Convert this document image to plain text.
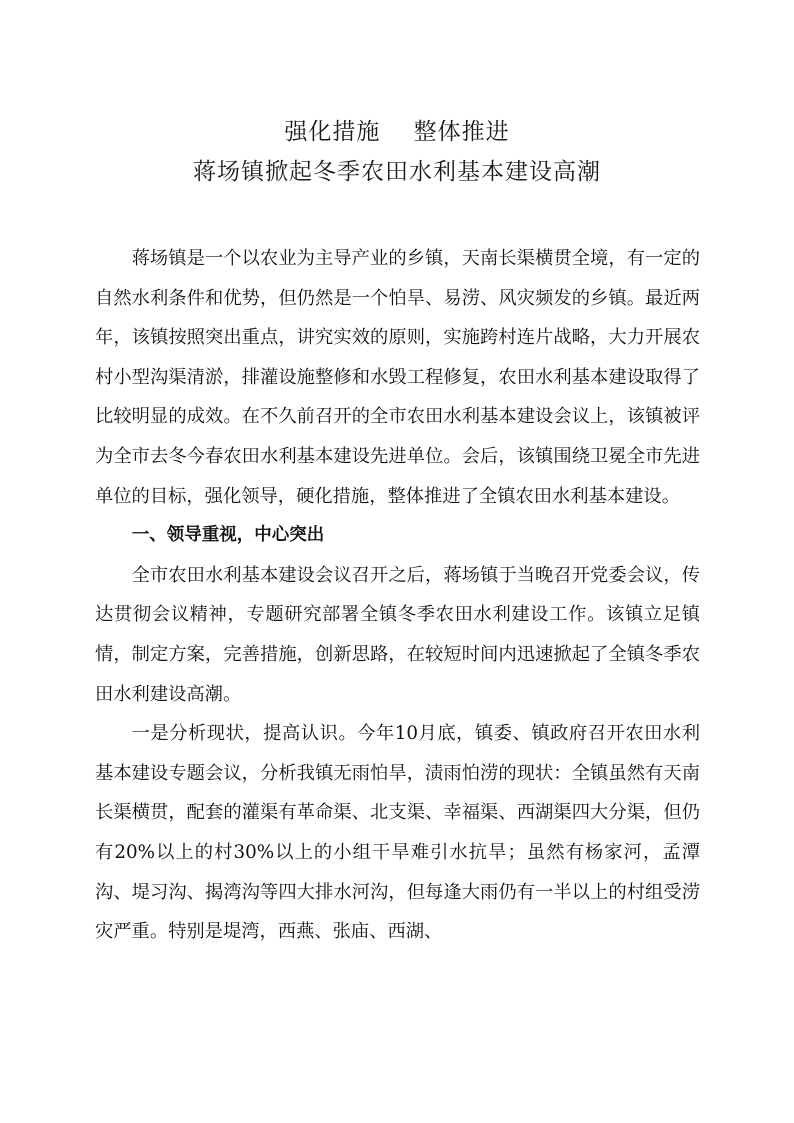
强化措施    整体推进
蒋场镇掀起冬季农田水利基本建设高潮

蒋场镇是一个以农业为主导产业的乡镇，天南长渠横贯全境，有一定的自然水利条件和优势，但仍然是一个怕旱、易涝、风灾频发的乡镇。最近两年，该镇按照突出重点，讲究实效的原则，实施跨村连片战略，大力开展农村小型沟渠清淤，排灌设施整修和水毁工程修复，农田水利基本建设取得了比较明显的成效。在不久前召开的全市农田水利基本建设会议上，该镇被评为全市去冬今春农田水利基本建设先进单位。会后，该镇围绕卫冕全市先进单位的目标，强化领导，硬化措施，整体推进了全镇农田水利基本建设。

一、领导重视，中心突出

全市农田水利基本建设会议召开之后，蒋场镇于当晚召开党委会议，传达贯彻会议精神，专题研究部署全镇冬季农田水利建设工作。该镇立足镇情，制定方案，完善措施，创新思路，在较短时间内迅速掀起了全镇冬季农田水利建设高潮。

一是分析现状，提高认识。今年10月底，镇委、镇政府召开农田水利基本建设专题会议，分析我镇无雨怕旱，渍雨怕涝的现状：全镇虽然有天南长渠横贯，配套的灌渠有革命渠、北支渠、幸福渠、西湖渠四大分渠，但仍有20%以上的村30%以上的小组干旱难引水抗旱；虽然有杨家河，孟潭沟、堤习沟、揭湾沟等四大排水河沟，但每逢大雨仍有一半以上的村组受涝灾严重。特别是堤湾，西燕、张庙、西湖、
